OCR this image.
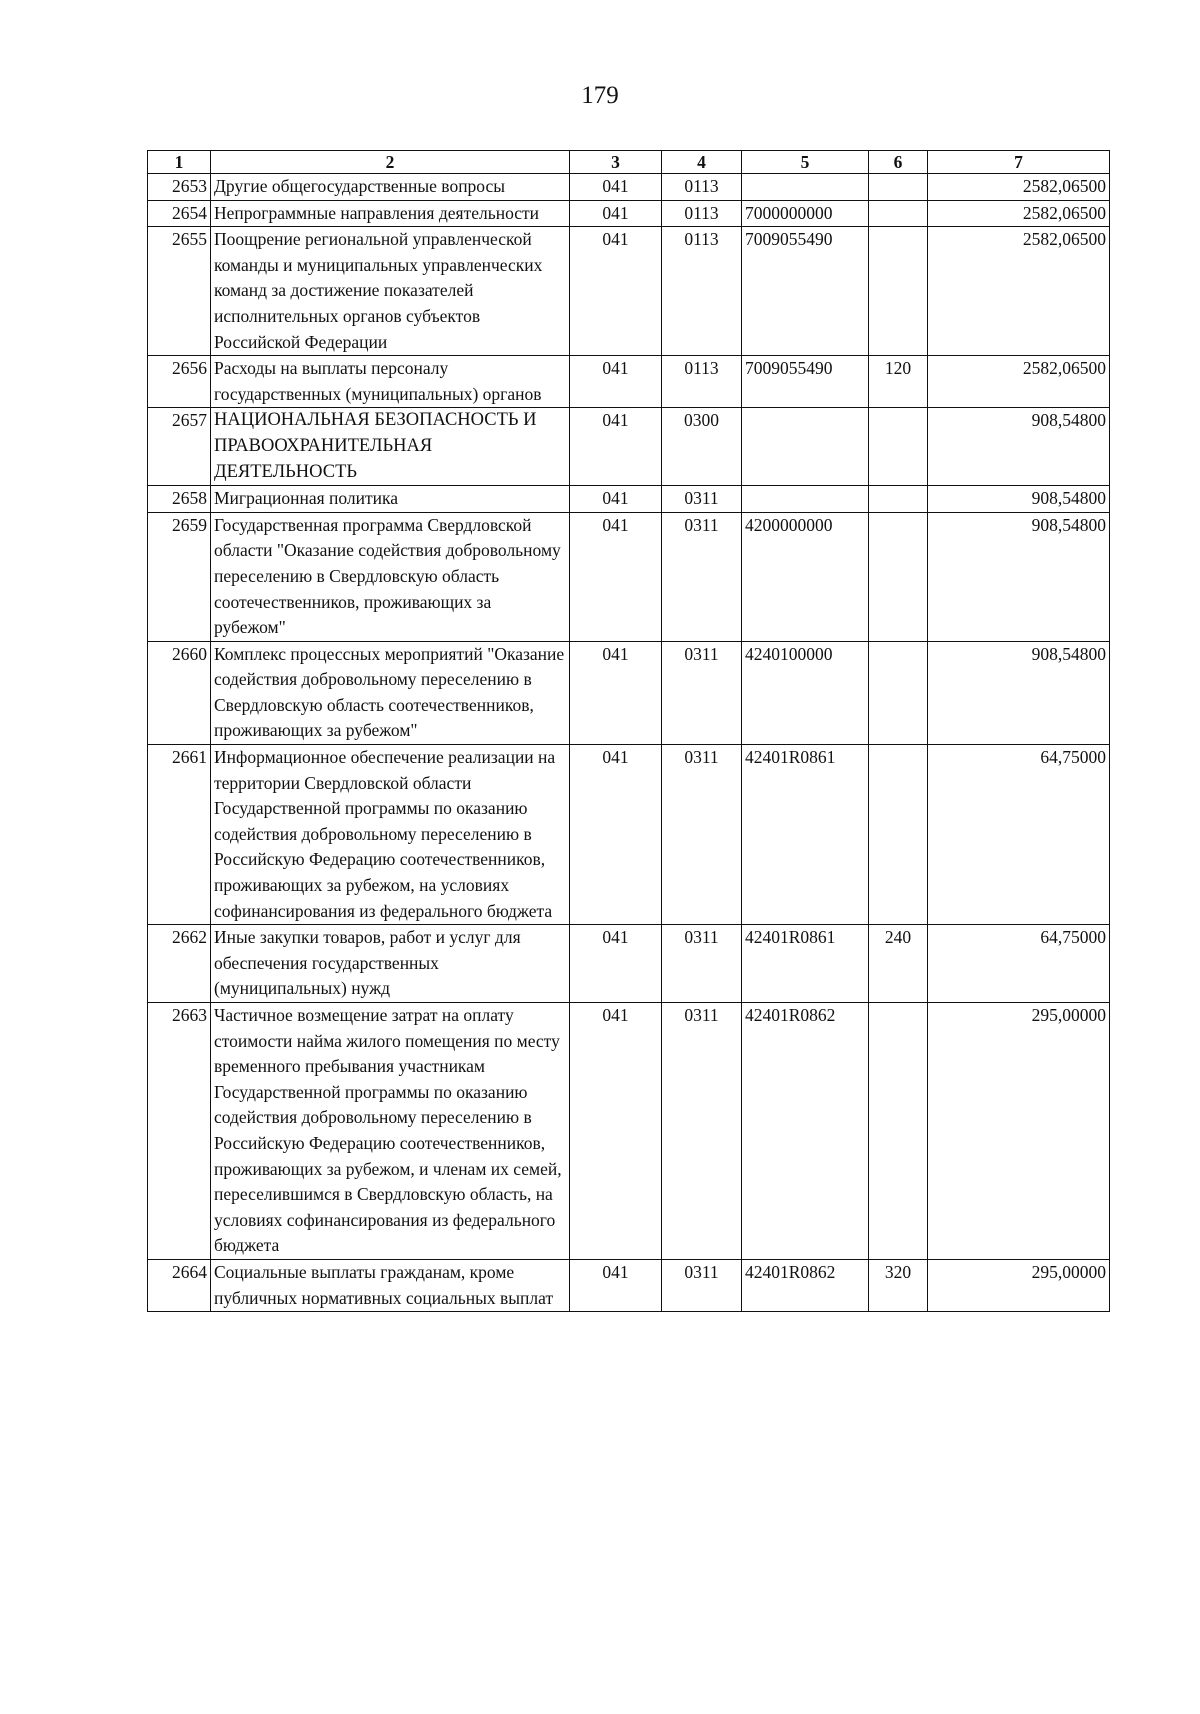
179
1	2	3	4	5	6	7
2653	Другие общегосударственные вопросы	041	0113			2582,06500
2654	Непрограммные направления деятельности	041	0113	7000000000		2582,06500
2655	Поощрение региональной управленческой команды и муниципальных управленческих команд за достижение показателей исполнительных органов субъектов Российской Федерации	041	0113	7009055490		2582,06500
2656	Расходы на выплаты персоналу государственных (муниципальных) органов	041	0113	7009055490	120	2582,06500
2657	НАЦИОНАЛЬНАЯ БЕЗОПАСНОСТЬ И ПРАВООХРАНИТЕЛЬНАЯ ДЕЯТЕЛЬНОСТЬ	041	0300			908,54800
2658	Миграционная политика	041	0311			908,54800
2659	Государственная программа Свердловской области "Оказание содействия добровольному переселению в Свердловскую область соотечественников, проживающих за рубежом"	041	0311	4200000000		908,54800
2660	Комплекс процессных мероприятий "Оказание содействия добровольному переселению в Свердловскую область соотечественников, проживающих за рубежом"	041	0311	4240100000		908,54800
2661	Информационное обеспечение реализации на территории Свердловской области Государственной программы по оказанию содействия добровольному переселению в Российскую Федерацию соотечественников, проживающих за рубежом, на условиях софинансирования из федерального бюджета	041	0311	42401R0861		64,75000
2662	Иные закупки товаров, работ и услуг для обеспечения государственных (муниципальных) нужд	041	0311	42401R0861	240	64,75000
2663	Частичное возмещение затрат на оплату стоимости найма жилого помещения по месту временного пребывания участникам Государственной программы по оказанию содействия добровольному переселению в Российскую Федерацию соотечественников, проживающих за рубежом, и членам их семей, переселившимся в Свердловскую область, на условиях софинансирования из федерального бюджета	041	0311	42401R0862		295,00000
2664	Социальные выплаты гражданам, кроме публичных нормативных социальных выплат	041	0311	42401R0862	320	295,00000
